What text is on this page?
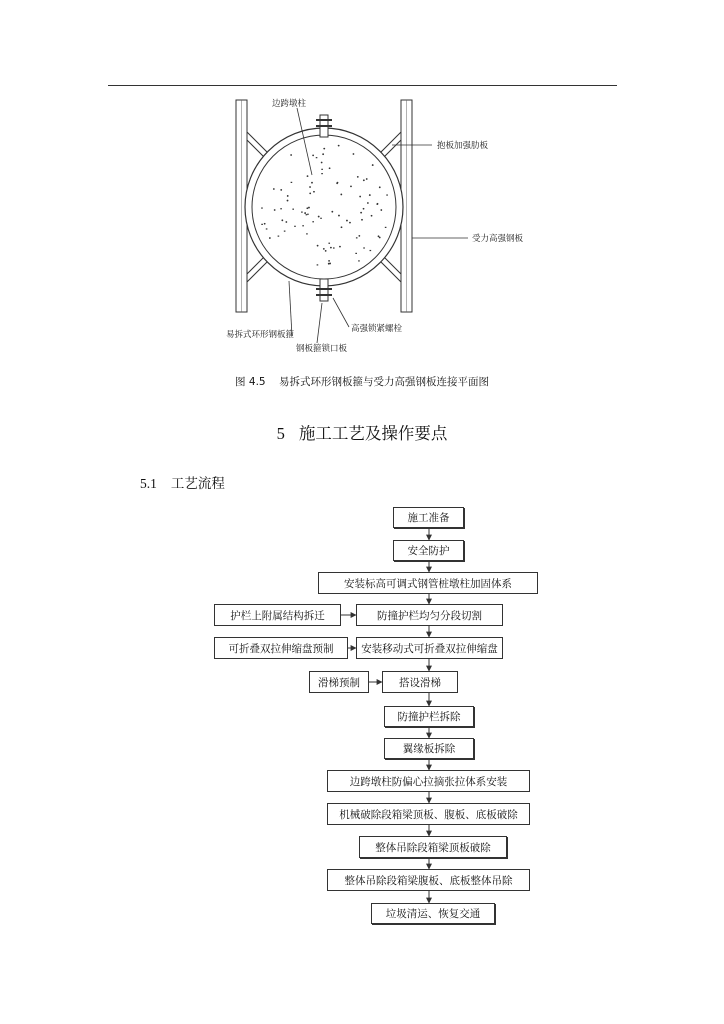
边跨墩柱
抱板加强肋板
受力高强钢板
易拆式环形钢板箍
高强锁紧螺栓
钢板箍锁口板
图 4.5 易拆式环形钢板箍与受力高强钢板连接平面图
5 施工工艺及操作要点
5.1 工艺流程
施工准备
安全防护
安装标高可调式钢管桩墩柱加固体系
防撞护栏均匀分段切割
安装移动式可折叠双拉伸缩盘
搭设滑梯
防撞护栏拆除
翼缘板拆除
边跨墩柱防偏心拉摘张拉体系安装
机械破除段箱梁顶板、腹板、底板破除
整体吊除段箱梁顶板破除
整体吊除段箱梁腹板、底板整体吊除
垃圾清运、恢复交通
护栏上附属结构拆迁
可折叠双拉伸缩盘预制
滑梯预制
